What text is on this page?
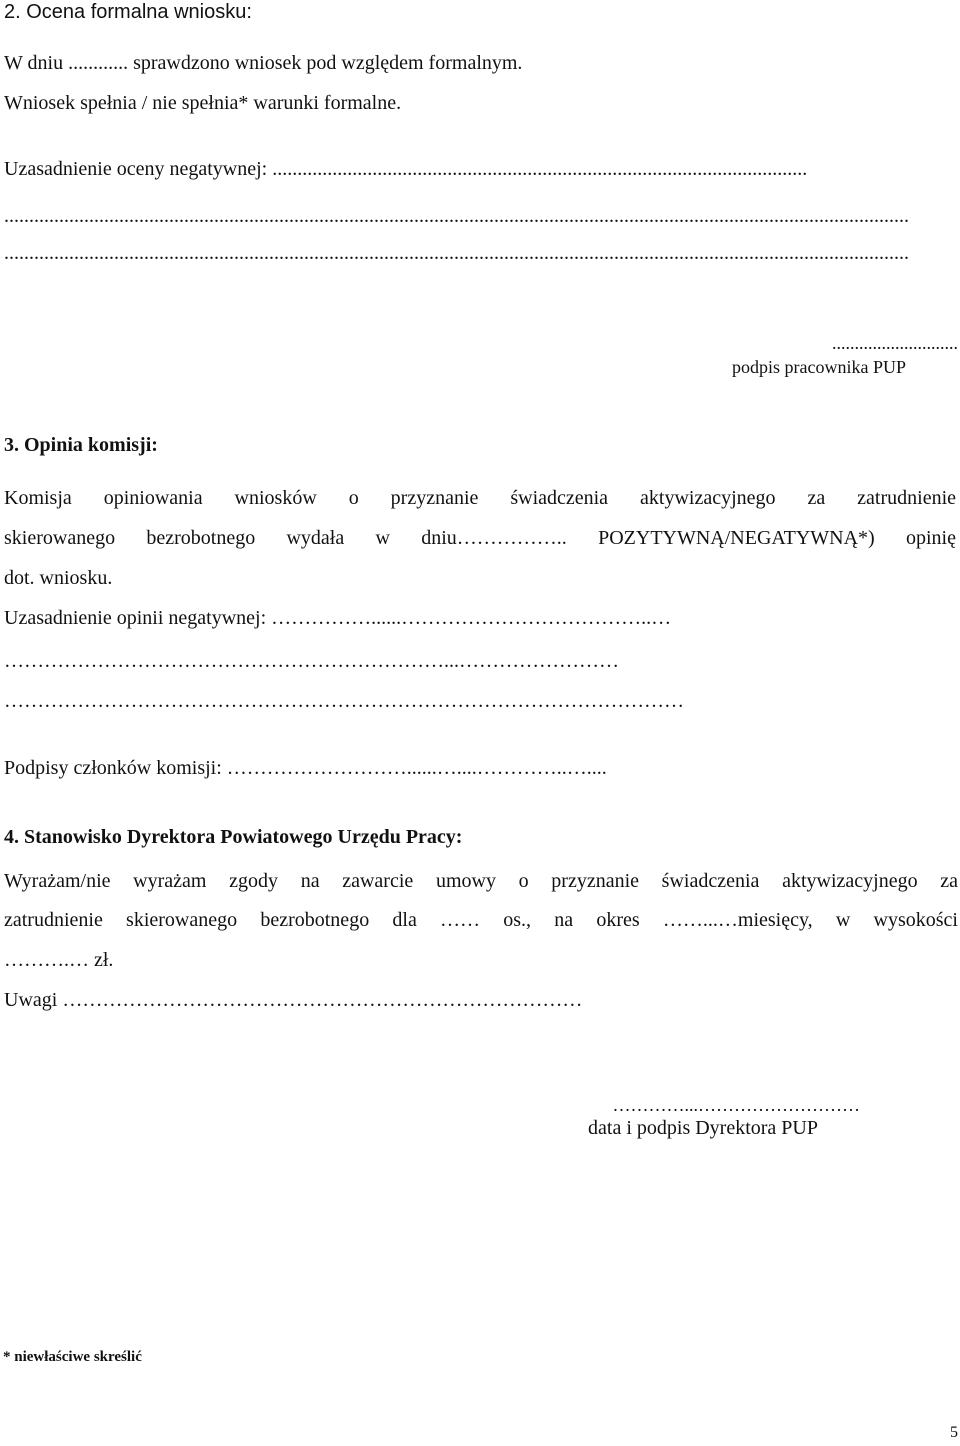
2. Ocena formalna wniosku:
W dniu ............ sprawdzono wniosek pod względem formalnym.
Wniosek spełnia / nie spełnia* warunki formalne.
Uzasadnienie oceny negatywnej: ...........................................................................................................
.....................................................................................................................................................................................
.....................................................................................................................................................................................
............................
podpis pracownika PUP
3. Opinia komisji:
Komisja opiniowania wniosków o przyznanie świadczenia aktywizacyjnego za zatrudnienie
skierowanego bezrobotnego wydała w dniu…………….. POZYTYWNĄ/NEGATYWNĄ*) opinię
dot. wniosku.
Uzasadnienie opinii negatywnej: ……………......………………………………..…
…………………………………………………………...……………………
…………………………………………………………………………………………
Podpisy członków komisji: ………………………......…....…………..…....
4. Stanowisko Dyrektora Powiatowego Urzędu Pracy:
Wyrażam/nie wyrażam zgody na zawarcie umowy o przyznanie świadczenia aktywizacyjnego za
zatrudnienie skierowanego bezrobotnego dla …… os., na okres ……...…miesięcy, w wysokości
……….… zł.
Uwagi ……………………………………………………………………
…………...………………………
data i podpis Dyrektora PUP
* niewłaściwe skreślić
5
